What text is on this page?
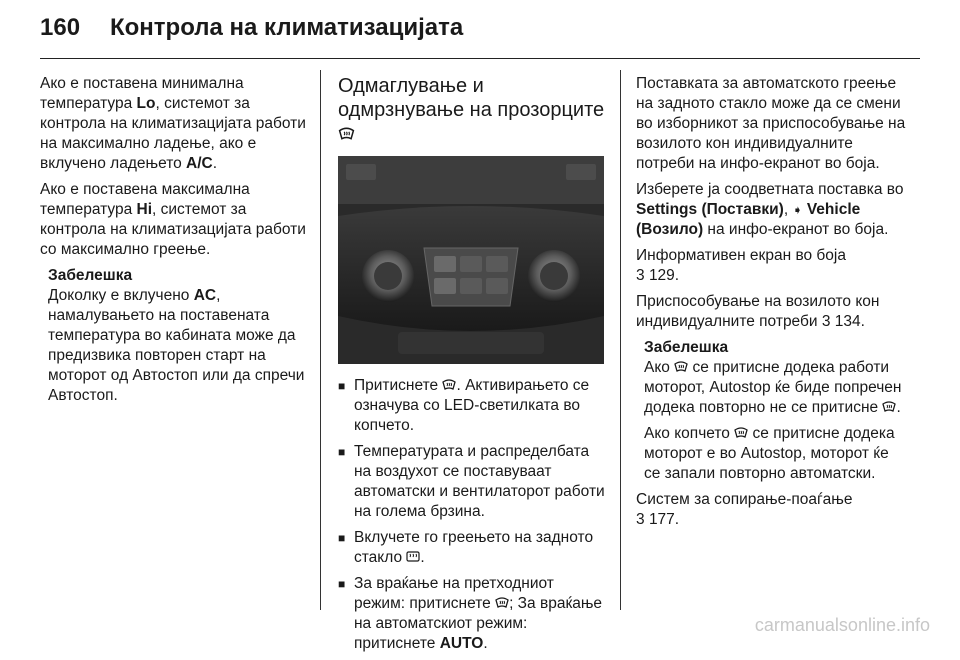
160	Контрола на климатизацијата

Ако е поставена минимална температура Lo, системот за контрола на климатизацијата работи на максимално ладење, ако е вклучено ладењето A/C.

Ако е поставена максимална температура Hi, системот за контрола на климатизацијата работи со максимално греење.

Забелешка
Доколку е вклучено AC, намалувањето на поставената температура во кабината може да предизвика повторен старт на моторот од Автостоп или да спречи Автостоп.
Одмаглување и одмрзнување на прозорците
■ Притиснете . Активирањето се означува со LED-светилката во копчето.
■ Температурата и распределбата на воздухот се поставуваат автоматски и вентилаторот работи на голема брзина.
■ Вклучете го греењето на задното стакло .
■ За враќање на претходниот режим: притиснете ; За враќање на автоматскиот режим: притиснете AUTO.

Поставката за автоматското греење на задното стакло може да се смени во изборникот за приспособување на возилото кон индивидуалните потреби на инфо-екранот во боја.

Изберете ја соодветната поставка во Settings (Поставки), ➧ Vehicle (Возило) на инфо-екранот во боја.

Информативен екран во боја
3 129.

Приспособување на возилото кон индивидуалните потреби 3 134.

Забелешка

Ако  се притисне додека работи моторот, Autostop ќе биде попречен додека повторно не се притисне .

Ако копчето  се притисне додека моторот е во Autostop, моторот ќе се запали повторно автоматски.

Систем за сопирање-поаѓање
3 177.

carmanualsonline.info
